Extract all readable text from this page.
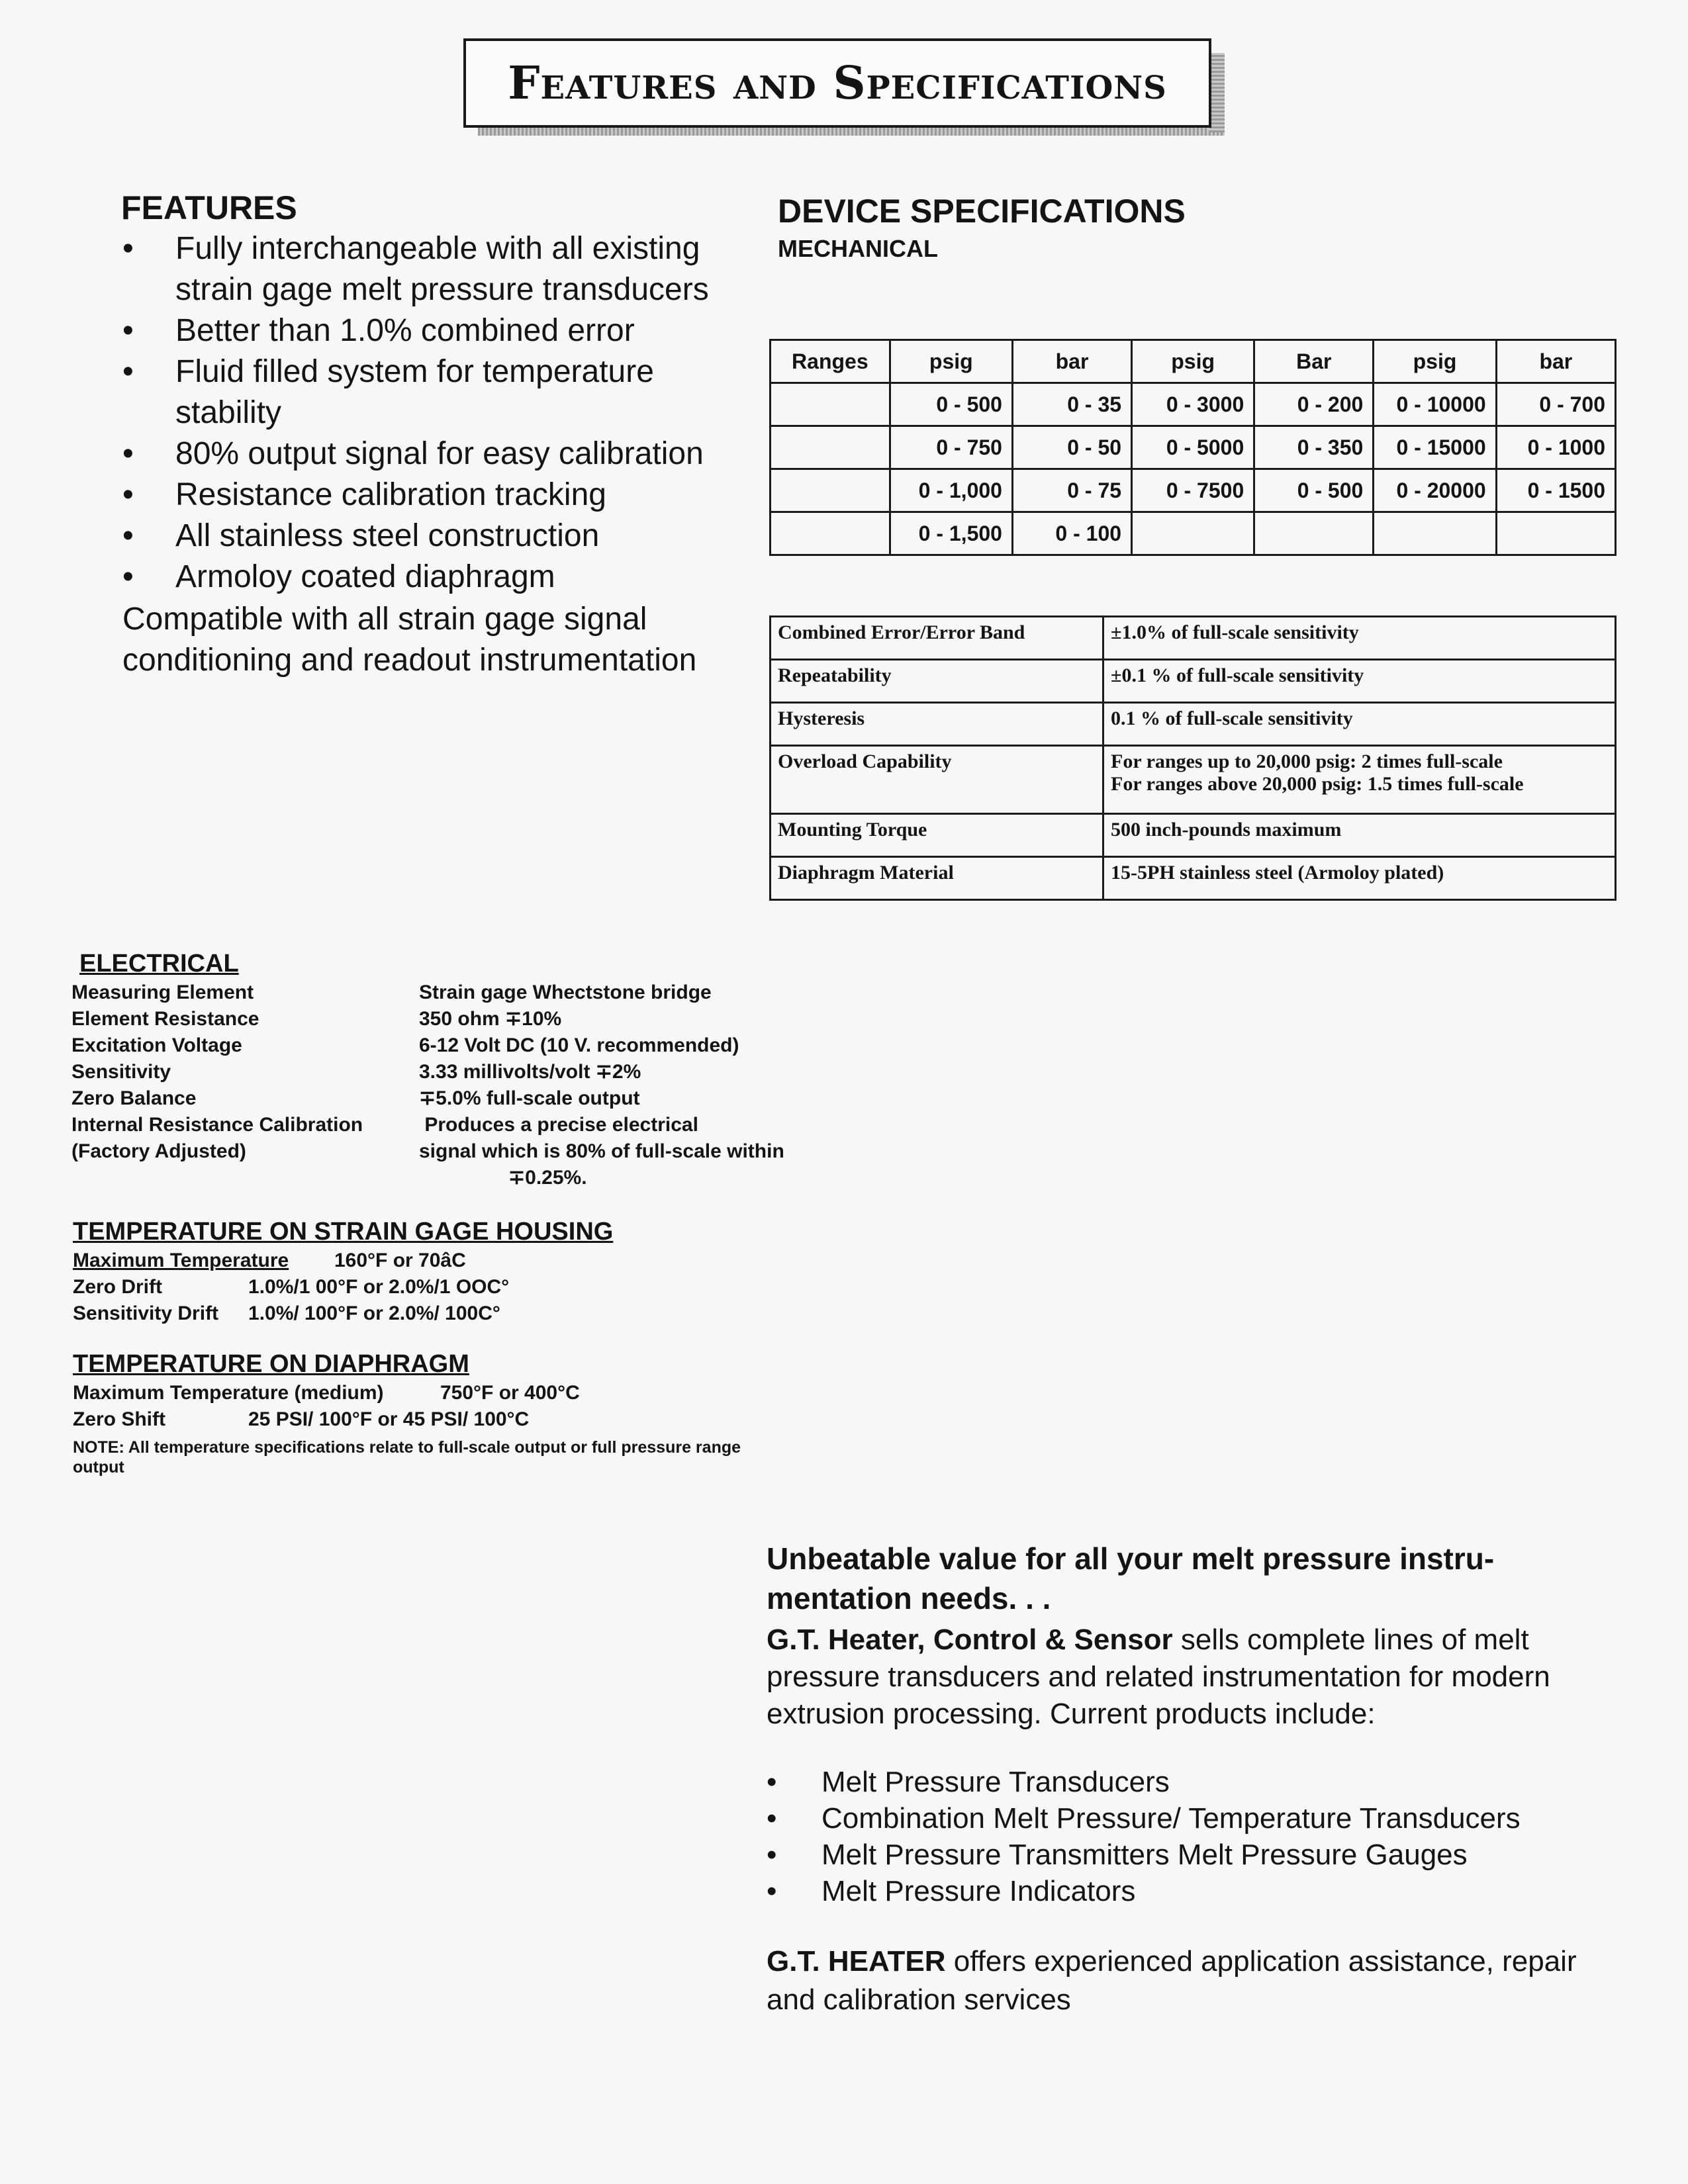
Features and Specifications
FEATURES
• Fully interchangeable with all existing strain gage melt pressure transducers
• Better than 1.0% combined error
• Fluid filled system for temperature stability
• 80% output signal for easy calibration
• Resistance calibration tracking
• All stainless steel construction
• Armoloy coated diaphragm
Compatible with all strain gage signal conditioning and readout instrumentation
DEVICE SPECIFICATIONS
MECHANICAL
Ranges	psig	bar	psig	Bar	psig	bar
	0 - 500	0 - 35	0 - 3000	0 - 200	0 - 10000	0 - 700
	0 - 750	0 - 50	0 - 5000	0 - 350	0 - 15000	0 - 1000
	0 - 1,000	0 - 75	0 - 7500	0 - 500	0 - 20000	0 - 1500
	0 - 1,500	0 - 100				
Combined Error/Error Band	±1.0% of full-scale sensitivity
Repeatability	±0.1 % of full-scale sensitivity
Hysteresis	0.1 % of full-scale sensitivity
Overload Capability	For ranges up to 20,000 psig: 2 times full-scale
For ranges above 20,000 psig: 1.5 times full-scale

Mounting Torque	500 inch-pounds maximum
Diaphragm Material	15-5PH stainless steel (Armoloy plated)
ELECTRICAL
Measuring Element	Strain gage Whectstone bridge
Element Resistance	350 ohm ∓10%
Excitation Voltage	6-12 Volt DC (10 V. recommended)
Sensitivity	3.33 millivolts/volt ∓2%
Zero Balance	∓5.0% full-scale output
Internal Resistance Calibration	Produces a precise electrical
(Factory Adjusted)	signal which is 80% of full-scale within
∓0.25%.
TEMPERATURE ON STRAIN GAGE HOUSING
Maximum Temperature 160°F or 70âC
Zero Drift	1.0%/1 00°F or 2.0%/1 OOC°
Sensitivity Drift 1.0%/ 100°F or 2.0%/ 100C°
TEMPERATURE ON DIAPHRAGM
Maximum Temperature (medium)	750°F or 400°C
Zero Shift	25 PSI/ 100°F or 45 PSI/ 100°C
NOTE: All temperature specifications relate to full-scale output or full pressure range output
Unbeatable value for all your melt pressure instru-mentation needs. . .
G.T. Heater, Control & Sensor sells complete lines of melt pressure transducers and related instrumentation for modern extrusion processing. Current products include:
• Melt Pressure Transducers
• Combination Melt Pressure/ Temperature Transducers
• Melt Pressure Transmitters Melt Pressure Gauges
• Melt Pressure Indicators
G.T. HEATER offers experienced application assistance, repair and calibration services
